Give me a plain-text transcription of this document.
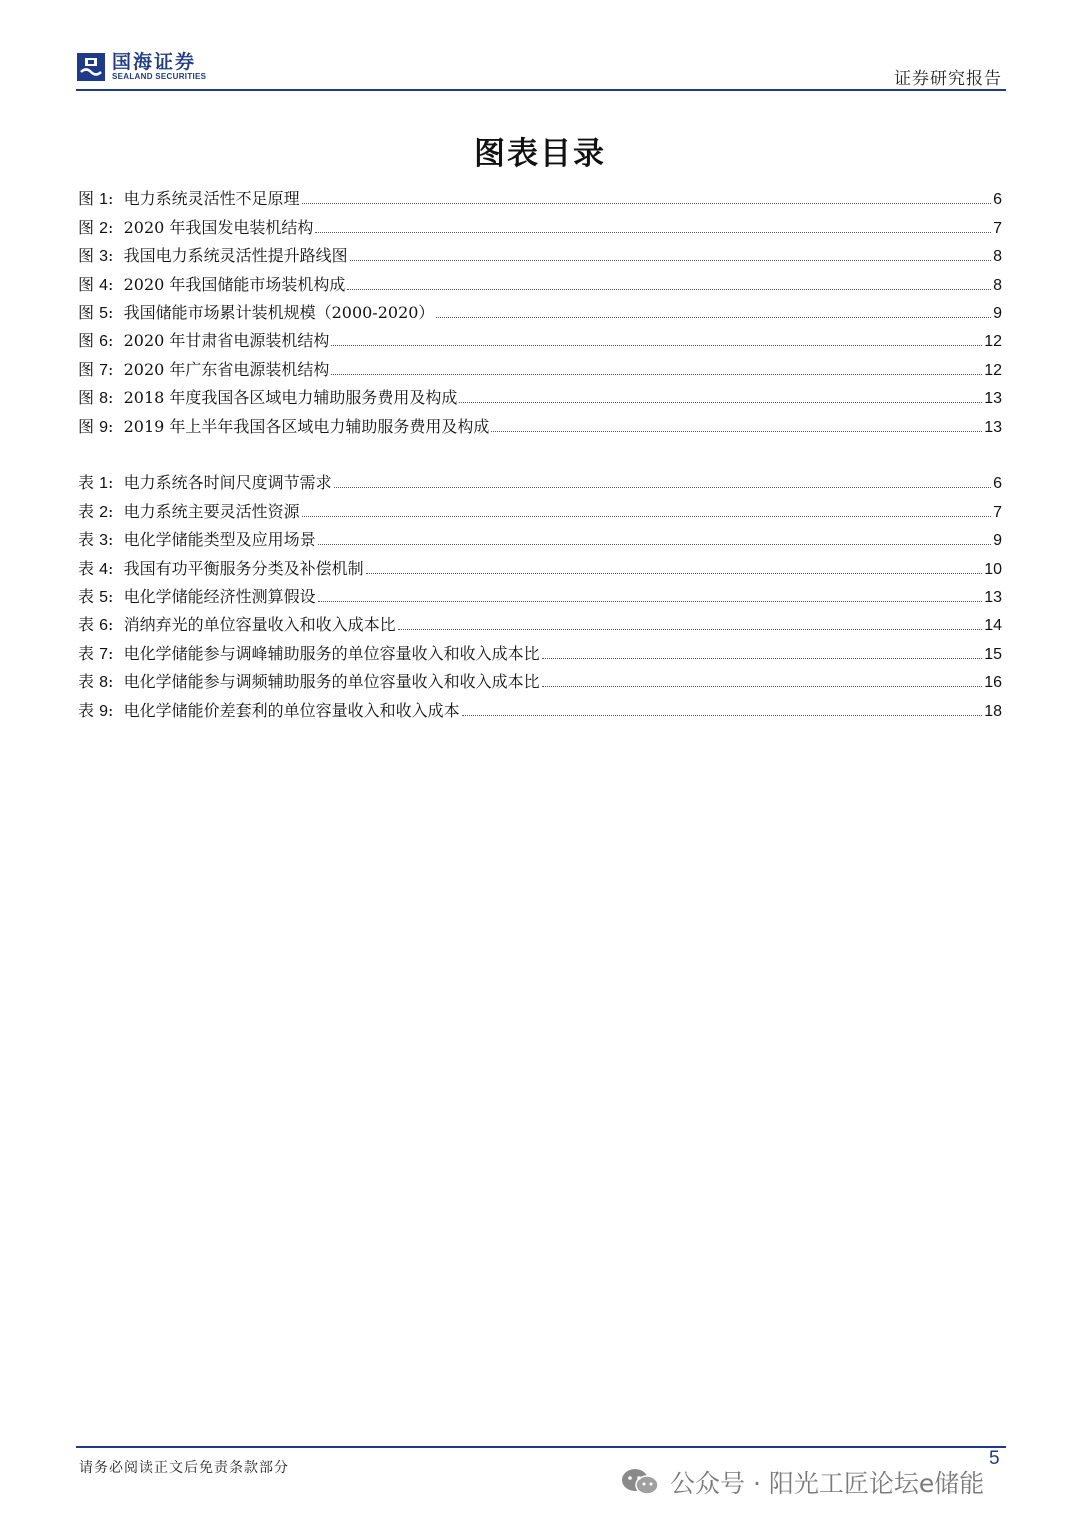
国海证券
SEALAND SECURITIES	证券研究报告
图表目录
图 1: 电力系统灵活性不足原理	6
图 2: 2020 年我国发电装机结构	7
图 3: 我国电力系统灵活性提升路线图	8
图 4: 2020 年我国储能市场装机构成	8
图 5: 我国储能市场累计装机规模（2000-2020）	9
图 6: 2020 年甘肃省电源装机结构	12
图 7: 2020 年广东省电源装机结构	12
图 8: 2018 年度我国各区域电力辅助服务费用及构成	13
图 9: 2019 年上半年我国各区域电力辅助服务费用及构成	13
表 1: 电力系统各时间尺度调节需求	6
表 2: 电力系统主要灵活性资源	7
表 3: 电化学储能类型及应用场景	9
表 4: 我国有功平衡服务分类及补偿机制	10
表 5: 电化学储能经济性测算假设	13
表 6: 消纳弃光的单位容量收入和收入成本比	14
表 7: 电化学储能参与调峰辅助服务的单位容量收入和收入成本比	15
表 8: 电化学储能参与调频辅助服务的单位容量收入和收入成本比	16
表 9: 电化学储能价差套利的单位容量收入和收入成本	18
请务必阅读正文后免责条款部分	5
公众号 · 阳光工匠论坛e储能
